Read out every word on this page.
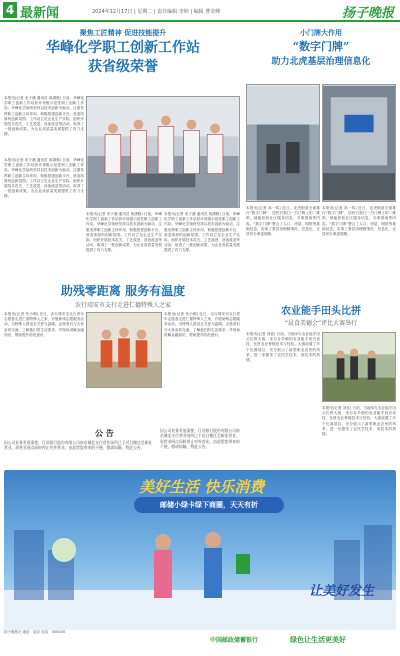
4 最新闻	2024年12月17日 | 星期二 | 责任编辑 李婷 | 编辑 曹奇峰	扬子晚报
聚焦工匠精神 促进技能提升
华峰化学职工创新工作站
获省级荣誉
本报讯(记者 宋子涵 通讯员 蒋潇骐) 日前，华峰化学职工创新工作站获评省级示范性职工创新工作站。华峰化学始终坚持以技术创新为驱动，注重发挥职工创新主体作用，积极搭建创新平台，营造浓厚的创新氛围。工作站立足企业生产实际，组织开展技术攻关、工艺改进、设备改造等活动，取得了一批创新成果，为企业高质量发展提供了有力支撑。
本报讯(记者 宋子涵 通讯员 蒋潇骐) 日前，华峰化学职工创新工作站获评省级示范性职工创新工作站。华峰化学始终坚持以技术创新为驱动，注重发挥职工创新主体作用，积极搭建创新平台，营造浓厚的创新氛围。工作站立足企业生产实际，组织开展技术攻关、工艺改进、设备改造等活动，取得了一批创新成果，为企业高质量发展提供了有力支撑。
本报讯(记者 宋子涵 通讯员 蒋潇骐) 日前，华峰化学职工创新工作站获评省级示范性职工创新工作站。华峰化学始终坚持以技术创新为驱动，注重发挥职工创新主体作用，积极搭建创新平台，营造浓厚的创新氛围。工作站立足企业生产实际，组织开展技术攻关、工艺改进、设备改造等活动，取得了一批创新成果，为企业高质量发展提供了有力支撑。
本报讯(记者 宋子涵 通讯员 蒋潇骐) 日前，华峰化学职工创新工作站获评省级示范性职工创新工作站。华峰化学始终坚持以技术创新为驱动，注重发挥职工创新主体作用，积极搭建创新平台，营造浓厚的创新氛围。工作站立足企业生产实际，组织开展技术攻关、工艺改进、设备改造等活动，取得了一批创新成果，为企业高质量发展提供了有力支撑。
助残零距离 服务有温度
农行靖安市支行走进仁德特殊人之家
本报讯(记者 朱小桐) 近日，农行靖安市支行青年志愿者走进仁德特殊人之家，开展助残志愿服务活动，为特殊人群送去关爱与温暖。志愿者们与大家亲切交流，了解他们的生活需求，并现场讲解金融知识，帮助提升防范意识。
本报讯(记者 朱小桐) 近日，农行靖安市支行青年志愿者走进仁德特殊人之家，开展助残志愿服务活动，为特殊人群送去关爱与温暖。志愿者们与大家亲切交流，了解他们的生活需求，并现场讲解金融知识，帮助提升防范意识。
公 告
因公司业务发展需要，江苏银行股份有限公司南京城北支行营业场所已于近日搬迁至新址营业，原营业网点同时停止对外营业。由此给您带来的不便，敬请谅解。特此公告。
因公司业务发展需要，江苏银行股份有限公司南京城北支行营业场所已于近日搬迁至新址营业，原营业网点同时停止对外营业。由此给您带来的不便，敬请谅解。特此公告。
小门牌大作用
“数字门牌”
助力北虎基层治理信息化
本报讯(记者 高一鸣) 近日，北虎街道全面推行“数字门牌”，居民只需扫一扫门牌上的二维码，就能获取社区服务信息、办事指南等内容。“数字门牌”整合了人口、房屋、网格等基础信息，实现了基层治理精细化、信息化，让居民办事更便捷。
本报讯(记者 高一鸣) 近日，北虎街道全面推行“数字门牌”，居民只需扫一扫门牌上的二维码，就能获取社区服务信息、办事指南等内容。“数字门牌”整合了人口、房屋、网格等基础信息，实现了基层治理精细化、信息化，让居民办事更便捷。
农业能手田头比拼
“晨食美德会”评比大赛举行
本报讯(记者 刘佳) 日前，当地举办农业能手田头比拼大赛，来自各乡镇的农业能手同台竞技，比拼农业种植技术与经验。大赛设置了多个比赛项目，充分展示了新型职业农民的风采，进一步激发了农民学技术、用技术的热情。
本报讯(记者 刘佳) 日前，当地举办农业能手田头比拼大赛，来自各乡镇的农业能手同台竞技，比拼农业种植技术与经验。大赛设置了多个比赛项目，充分展示了新型职业农民的风采，进一步激发了农民学技术、用技术的热情。
美好生活 快乐消费
邮储小绿卡绿下商圈，天天有折
让美好发生
扬子晚报社 地址：南京 电话：000000
中国邮政储蓄银行	绿色让生活更美好
